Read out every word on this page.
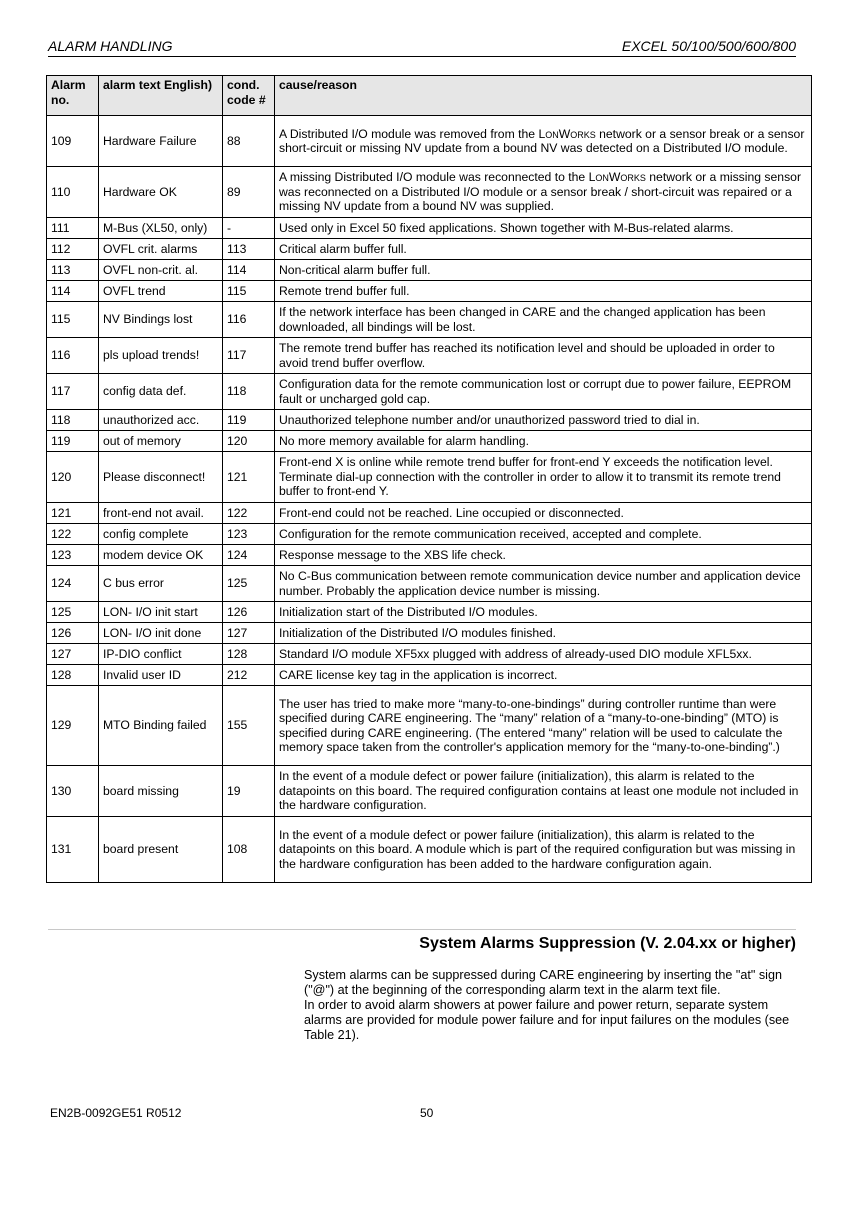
ALARM HANDLING	EXCEL 50/100/500/600/800
Alarm no.	alarm text English)	cond. code #	cause/reason
109	Hardware Failure	88	A Distributed I/O module was removed from the LonWorks network or a sensor break or a sensor short-circuit or missing NV update from a bound NV was detected on a Distributed I/O module.
110	Hardware OK	89	A missing Distributed I/O module was reconnected to the LonWorks network or a missing sensor was reconnected on a Distributed I/O module or a sensor break / short-circuit was repaired or a missing NV update from a bound NV was supplied.
111	M-Bus (XL50, only)	-	Used only in Excel 50 fixed applications. Shown together with M-Bus-related alarms.
112	OVFL crit. alarms	113	Critical alarm buffer full.
113	OVFL non-crit. al.	114	Non-critical alarm buffer full.
114	OVFL trend	115	Remote trend buffer full.
115	NV Bindings lost	116	If the network interface has been changed in CARE and the changed application has been downloaded, all bindings will be lost.
116	pls upload trends!	117	The remote trend buffer has reached its notification level and should be uploaded in order to avoid trend buffer overflow.
117	config data def.	118	Configuration data for the remote communication lost or corrupt due to power failure, EEPROM fault or uncharged gold cap.
118	unauthorized acc.	119	Unauthorized telephone number and/or unauthorized password tried to dial in.
119	out of memory	120	No more memory available for alarm handling.
120	Please disconnect!	121	Front-end X is online while remote trend buffer for front-end Y exceeds the notification level. Terminate dial-up connection with the controller in order to allow it to transmit its remote trend buffer to front-end Y.
121	front-end not avail.	122	Front-end could not be reached. Line occupied or disconnected.
122	config complete	123	Configuration for the remote communication received, accepted and complete.
123	modem device OK	124	Response message to the XBS life check.
124	C bus error	125	No C-Bus communication between remote communication device number and application device number. Probably the application device number is missing.
125	LON- I/O init start	126	Initialization start of the Distributed I/O modules.
126	LON- I/O init done	127	Initialization of the Distributed I/O modules finished.
127	IP-DIO conflict	128	Standard I/O module XF5xx plugged with address of already-used DIO module XFL5xx.
128	Invalid user ID	212	CARE license key tag in the application is incorrect.
129	MTO Binding failed	155	The user has tried to make more “many-to-one-bindings” during controller runtime than were specified during CARE engineering. The “many” relation of a “many-to-one-binding” (MTO) is specified during CARE engineering. (The entered “many” relation will be used to calculate the memory space taken from the controller's application memory for the “many-to-one-binding”.)
130	board missing	19	In the event of a module defect or power failure (initialization), this alarm is related to the datapoints on this board. The required configuration contains at least one module not included in the hardware configuration.
131	board present	108	In the event of a module defect or power failure (initialization), this alarm is related to the datapoints on this board. A module which is part of the required configuration but was missing in the hardware configuration has been added to the hardware configuration again.
System Alarms Suppression (V. 2.04.xx or higher)

System alarms can be suppressed during CARE engineering by inserting the "at" sign ("@") at the beginning of the corresponding alarm text in the alarm text file.

In order to avoid alarm showers at power failure and power return, separate system alarms are provided for module power failure and for input failures on the modules (see Table 21).

EN2B-0092GE51 R0512	50
